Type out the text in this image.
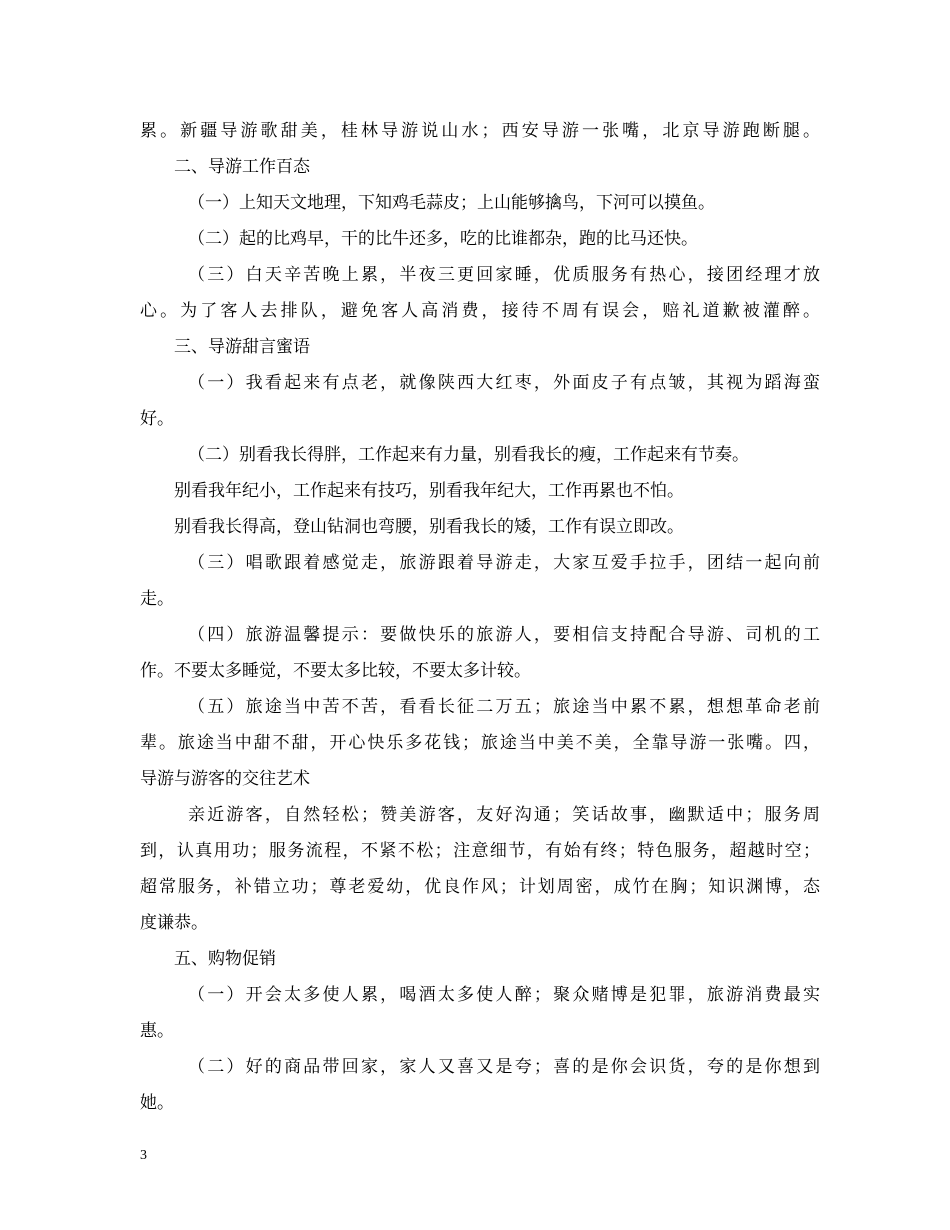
累。新疆导游歌甜美，桂林导游说山水；西安导游一张嘴，北京导游跑断腿。
二、导游工作百态
（一）上知天文地理，下知鸡毛蒜皮；上山能够擒鸟，下河可以摸鱼。
（二）起的比鸡早，干的比牛还多，吃的比谁都杂，跑的比马还快。
（三）白天辛苦晚上累，半夜三更回家睡，优质服务有热心，接团经理才放
心。为了客人去排队，避免客人高消费，接待不周有误会，赔礼道歉被灌醉。
三、导游甜言蜜语
（一）我看起来有点老，就像陕西大红枣，外面皮子有点皱，其视为蹈海蛮
好。
（二）别看我长得胖，工作起来有力量，别看我长的瘦，工作起来有节奏。
别看我年纪小，工作起来有技巧，别看我年纪大，工作再累也不怕。
别看我长得高，登山钻洞也弯腰，别看我长的矮，工作有误立即改。
（三）唱歌跟着感觉走，旅游跟着导游走，大家互爱手拉手，团结一起向前
走。
（四）旅游温馨提示：要做快乐的旅游人，要相信支持配合导游、司机的工
作。不要太多睡觉，不要太多比较，不要太多计较。
（五）旅途当中苦不苦，看看长征二万五；旅途当中累不累，想想革命老前
辈。旅途当中甜不甜，开心快乐多花钱；旅途当中美不美，全靠导游一张嘴。四，
导游与游客的交往艺术
亲近游客，自然轻松；赞美游客，友好沟通；笑话故事，幽默适中；服务周
到，认真用功；服务流程，不紧不松；注意细节，有始有终；特色服务，超越时空；
超常服务，补错立功；尊老爱幼，优良作风；计划周密，成竹在胸；知识渊博，态
度谦恭。
五、购物促销
（一）开会太多使人累，喝酒太多使人醉；聚众赌博是犯罪，旅游消费最实
惠。
（二）好的商品带回家，家人又喜又是夸；喜的是你会识货，夸的是你想到
她。
3
